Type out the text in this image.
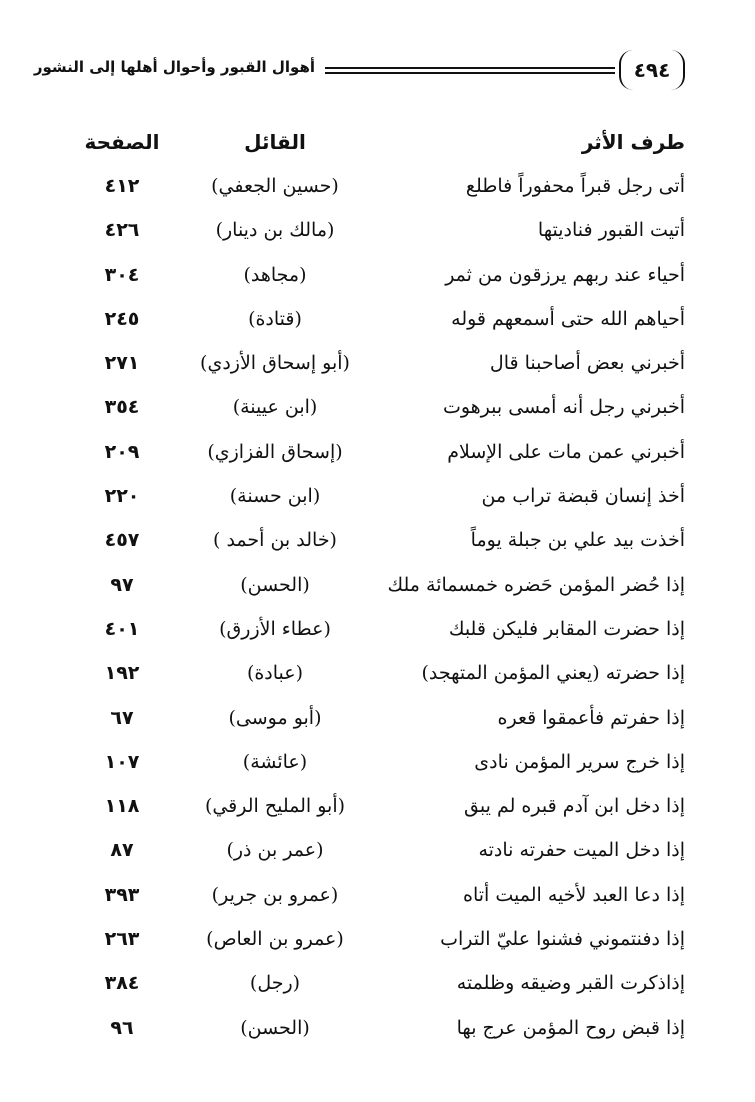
أهوال القبور وأحوال أهلها إلى النشور	٤٩٤
طرف الأثر
القائل
الصفحة
أتى رجل قبراً محفوراً فاطلع
(حسين الجعفي)
٤١٢
أتيت القبور فناديتها
(مالك بن دينار)
٤٢٦
أحياء عند ربهم يرزقون من ثمر
(مجاهد)
٣٠٤
أحياهم الله حتى أسمعهم قوله
(قتادة)
٢٤٥
أخبرني بعض أصاحبنا قال
(أبو إسحاق الأزدي)
٢٧١
أخبرني رجل أنه أمسى ببرهوت
(ابن عيينة)
٣٥٤
أخبرني عمن مات على الإسلام
(إسحاق الفزازي)
٢٠٩
أخذ إنسان قبضة تراب من
(ابن حسنة)
٢٢٠
أخذت بيد علي بن جبلة يوماً
(خالد بن أحمد )
٤٥٧
إذا حُضر المؤمن حَضره خمسمائة ملك
(الحسن)
٩٧
إذا حضرت المقابر فليكن قلبك
(عطاء الأزرق)
٤٠١
إذا حضرته (يعني المؤمن المتهجد)
(عبادة)
١٩٢
إذا حفرتم فأعمقوا قعره
(أبو موسى)
٦٧
إذا خرج سرير المؤمن نادى
(عائشة)
١٠٧
إذا دخل ابن آدم قبره لم يبق
(أبو المليح الرقي)
١١٨
إذا دخل الميت حفرته نادته
(عمر بن ذر)
٨٧
إذا دعا العبد لأخيه الميت أتاه
(عمرو بن جرير)
٣٩٣
إذا دفنتموني فشنوا عليّ التراب
(عمرو بن العاص)
٢٦٣
إذاذكرت القبر وضيقه وظلمته
(رجل)
٣٨٤
إذا قبض روح المؤمن عرج بها
(الحسن)
٩٦
